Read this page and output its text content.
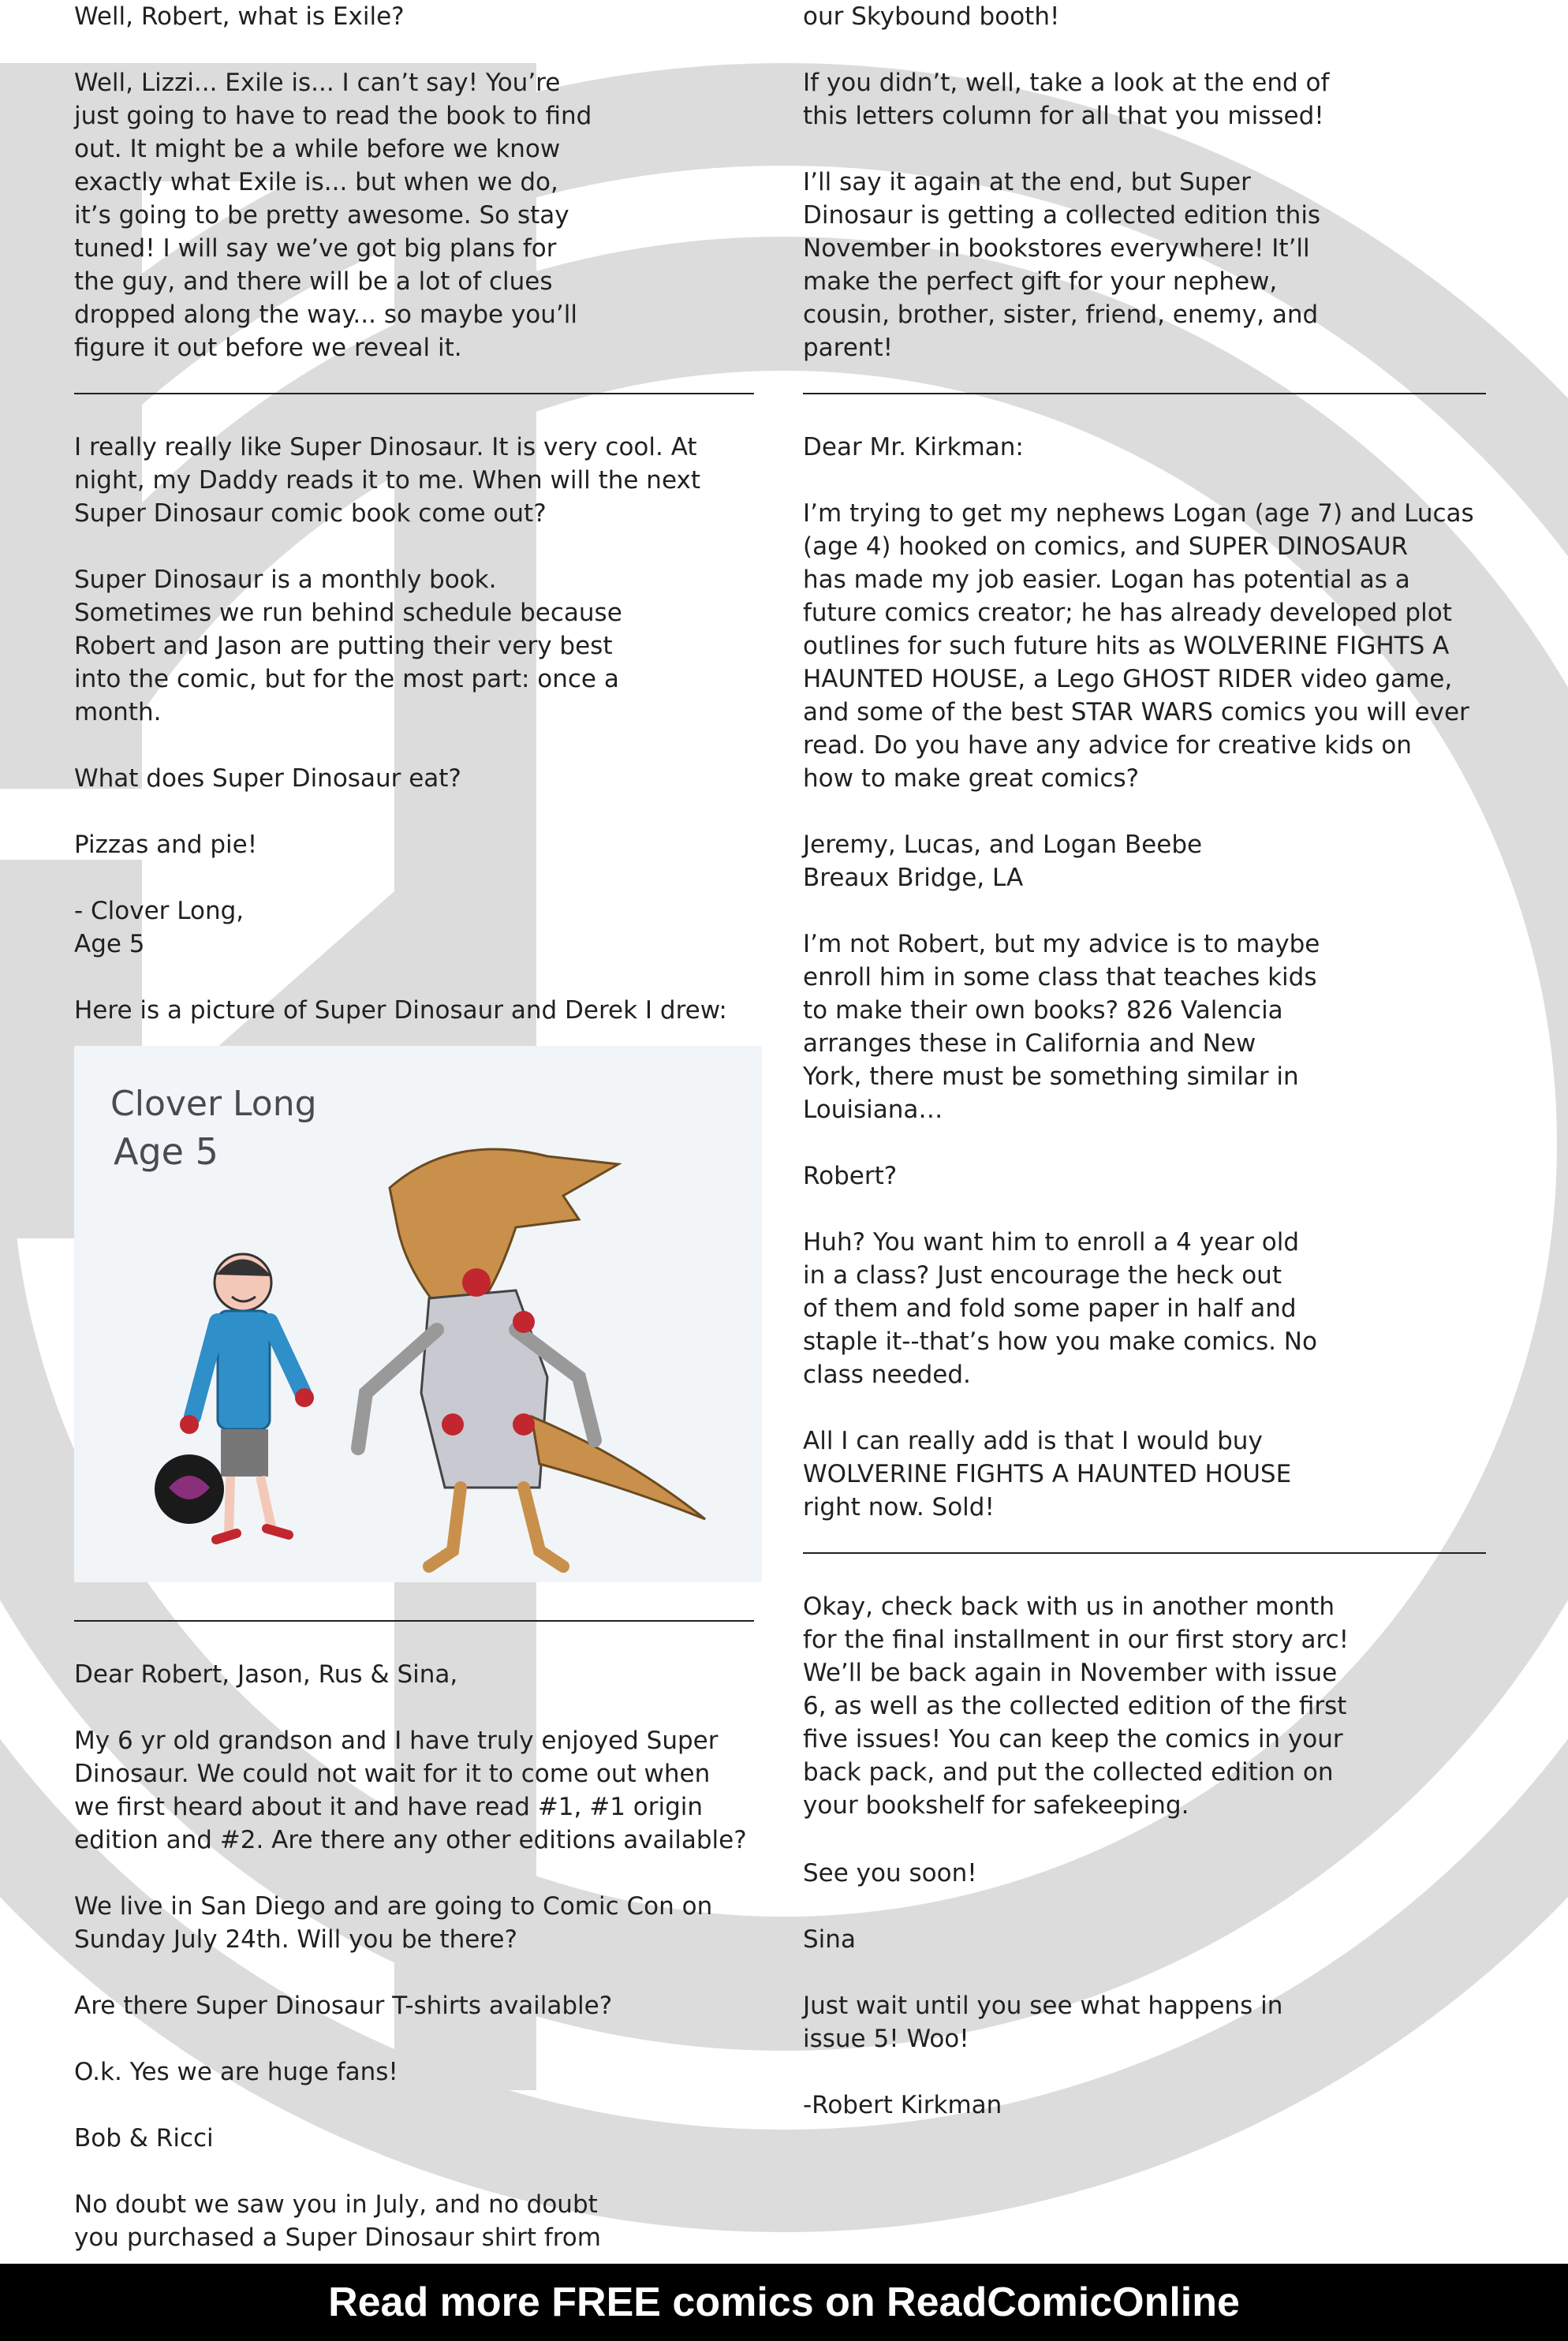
Well, Robert, what is Exile?

Well, Lizzi... Exile is... I can’t say! You’re
just going to have to read the book to find
out. It might be a while before we know
exactly what Exile is... but when we do,
it’s going to be pretty awesome. So stay
tuned! I will say we’ve got big plans for
the guy, and there will be a lot of clues
dropped along the way... so maybe you’ll
figure it out before we reveal it.

I really really like Super Dinosaur. It is very cool. At
night, my Daddy reads it to me. When will the next
Super Dinosaur comic book come out?

Super Dinosaur is a monthly book.
Sometimes we run behind schedule because
Robert and Jason are putting their very best
into the comic, but for the most part: once a
month.

What does Super Dinosaur eat?

Pizzas and pie!

- Clover Long,
Age 5

Here is a picture of Super Dinosaur and Derek I drew:

Clover Long
Age 5

Dear Robert, Jason, Rus & Sina,

My 6 yr old grandson and I have truly enjoyed Super
Dinosaur. We could not wait for it to come out when
we first heard about it and have read #1, #1 origin
edition and #2. Are there any other editions available?

We live in San Diego and are going to Comic Con on
Sunday July 24th. Will you be there?

Are there Super Dinosaur T-shirts available?

O.k. Yes we are huge fans!

Bob & Ricci

No doubt we saw you in July, and no doubt
you purchased a Super Dinosaur shirt from

our Skybound booth!

If you didn’t, well, take a look at the end of
this letters column for all that you missed!

I’ll say it again at the end, but Super
Dinosaur is getting a collected edition this
November in bookstores everywhere! It’ll
make the perfect gift for your nephew,
cousin, brother, sister, friend, enemy, and
parent!

Dear Mr. Kirkman:

I’m trying to get my nephews Logan (age 7) and Lucas
(age 4) hooked on comics, and SUPER DINOSAUR
has made my job easier. Logan has potential as a
future comics creator; he has already developed plot
outlines for such future hits as WOLVERINE FIGHTS A
HAUNTED HOUSE, a Lego GHOST RIDER video game,
and some of the best STAR WARS comics you will ever
read. Do you have any advice for creative kids on
how to make great comics?

Jeremy, Lucas, and Logan Beebe
Breaux Bridge, LA

I’m not Robert, but my advice is to maybe
enroll him in some class that teaches kids
to make their own books? 826 Valencia
arranges these in California and New
York, there must be something similar in
Louisiana…

Robert?

Huh? You want him to enroll a 4 year old
in a class? Just encourage the heck out
of them and fold some paper in half and
staple it--that’s how you make comics. No
class needed.

All I can really add is that I would buy
WOLVERINE FIGHTS A HAUNTED HOUSE
right now. Sold!

Okay, check back with us in another month
for the final installment in our first story arc!
We’ll be back again in November with issue
6, as well as the collected edition of the first
five issues! You can keep the comics in your
back pack, and put the collected edition on
your bookshelf for safekeeping.

See you soon!

Sina

Just wait until you see what happens in
issue 5! Woo!

-Robert Kirkman

Read more FREE comics on ReadComicOnline
